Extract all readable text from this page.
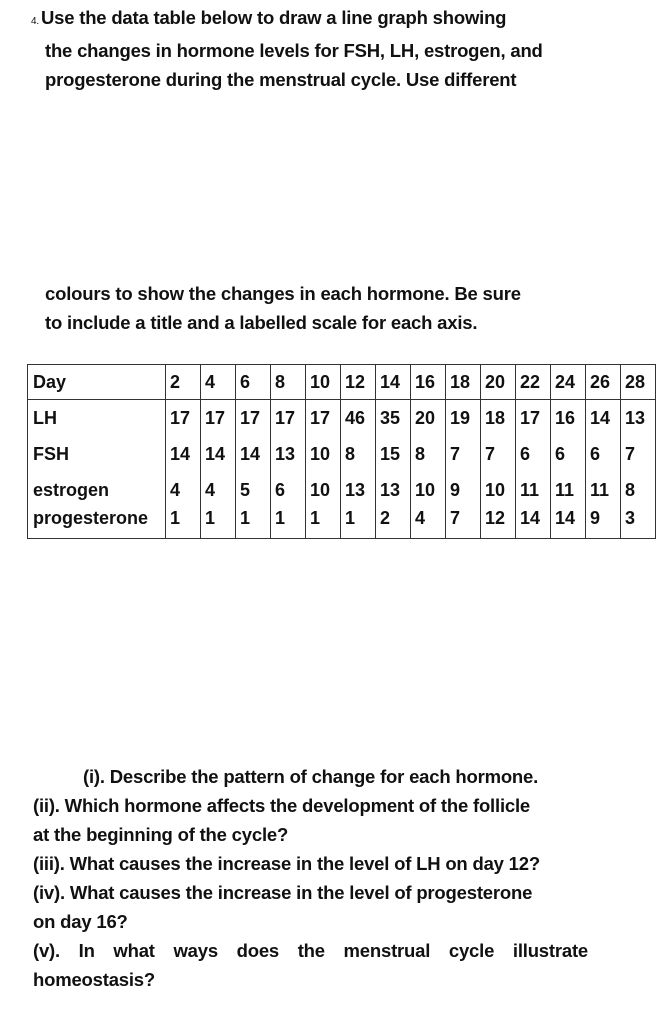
4. Use the data table below to draw a line graph showing
the changes in hormone levels for FSH, LH, estrogen, and
progesterone during the menstrual cycle. Use different
colours to show the changes in each hormone. Be sure
to include a title and a labelled scale for each axis.
Day	2	4	6	8	10	12	14	16	18	20	22	24	26	28
LH	17	17	17	17	17	46	35	20	19	18	17	16	14	13
FSH	14	14	14	13	10	8	15	8	7	7	6	6	6	7
estrogen	4	4	5	6	10	13	13	10	9	10	11	11	11	8
progesterone	1	1	1	1	1	1	2	4	7	12	14	14	9	3
(i). Describe the pattern of change for each hormone.
(ii). Which hormone affects the development of the follicle
at the beginning of the cycle?
(iii). What causes the increase in the level of LH on day 12?
(iv). What causes the increase in the level of progesterone
on day 16?
(v). In what ways does the menstrual cycle illustrate
homeostasis?
